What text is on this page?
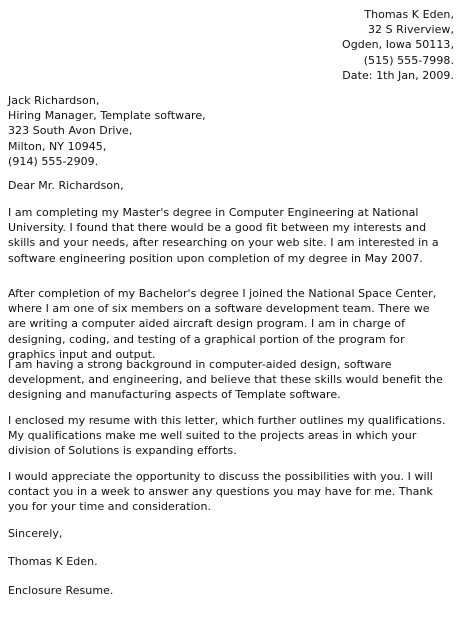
Thomas K Eden,
32 S Riverview,
Ogden, Iowa 50113,
(515) 555-7998.
Date: 1th Jan, 2009.
Jack Richardson,
Hiring Manager, Template software,
323 South Avon Drive,
Milton, NY 10945,
(914) 555-2909.
Dear Mr. Richardson,
I am completing my Master's degree in Computer Engineering at National
University. I found that there would be a good fit between my interests and
skills and your needs, after researching on your web site. I am interested in a
software engineering position upon completion of my degree in May 2007.
After completion of my Bachelor's degree I joined the National Space Center,
where I am one of six members on a software development team. There we
are writing a computer aided aircraft design program. I am in charge of
designing, coding, and testing of a graphical portion of the program for
graphics input and output.
I am having a strong background in computer-aided design, software
development, and engineering, and believe that these skills would benefit the
designing and manufacturing aspects of Template software.
I enclosed my resume with this letter, which further outlines my qualifications.
My qualifications make me well suited to the projects areas in which your
division of Solutions is expanding efforts.
I would appreciate the opportunity to discuss the possibilities with you. I will
contact you in a week to answer any questions you may have for me. Thank
you for your time and consideration.
Sincerely,
Thomas K Eden.
Enclosure Resume.
